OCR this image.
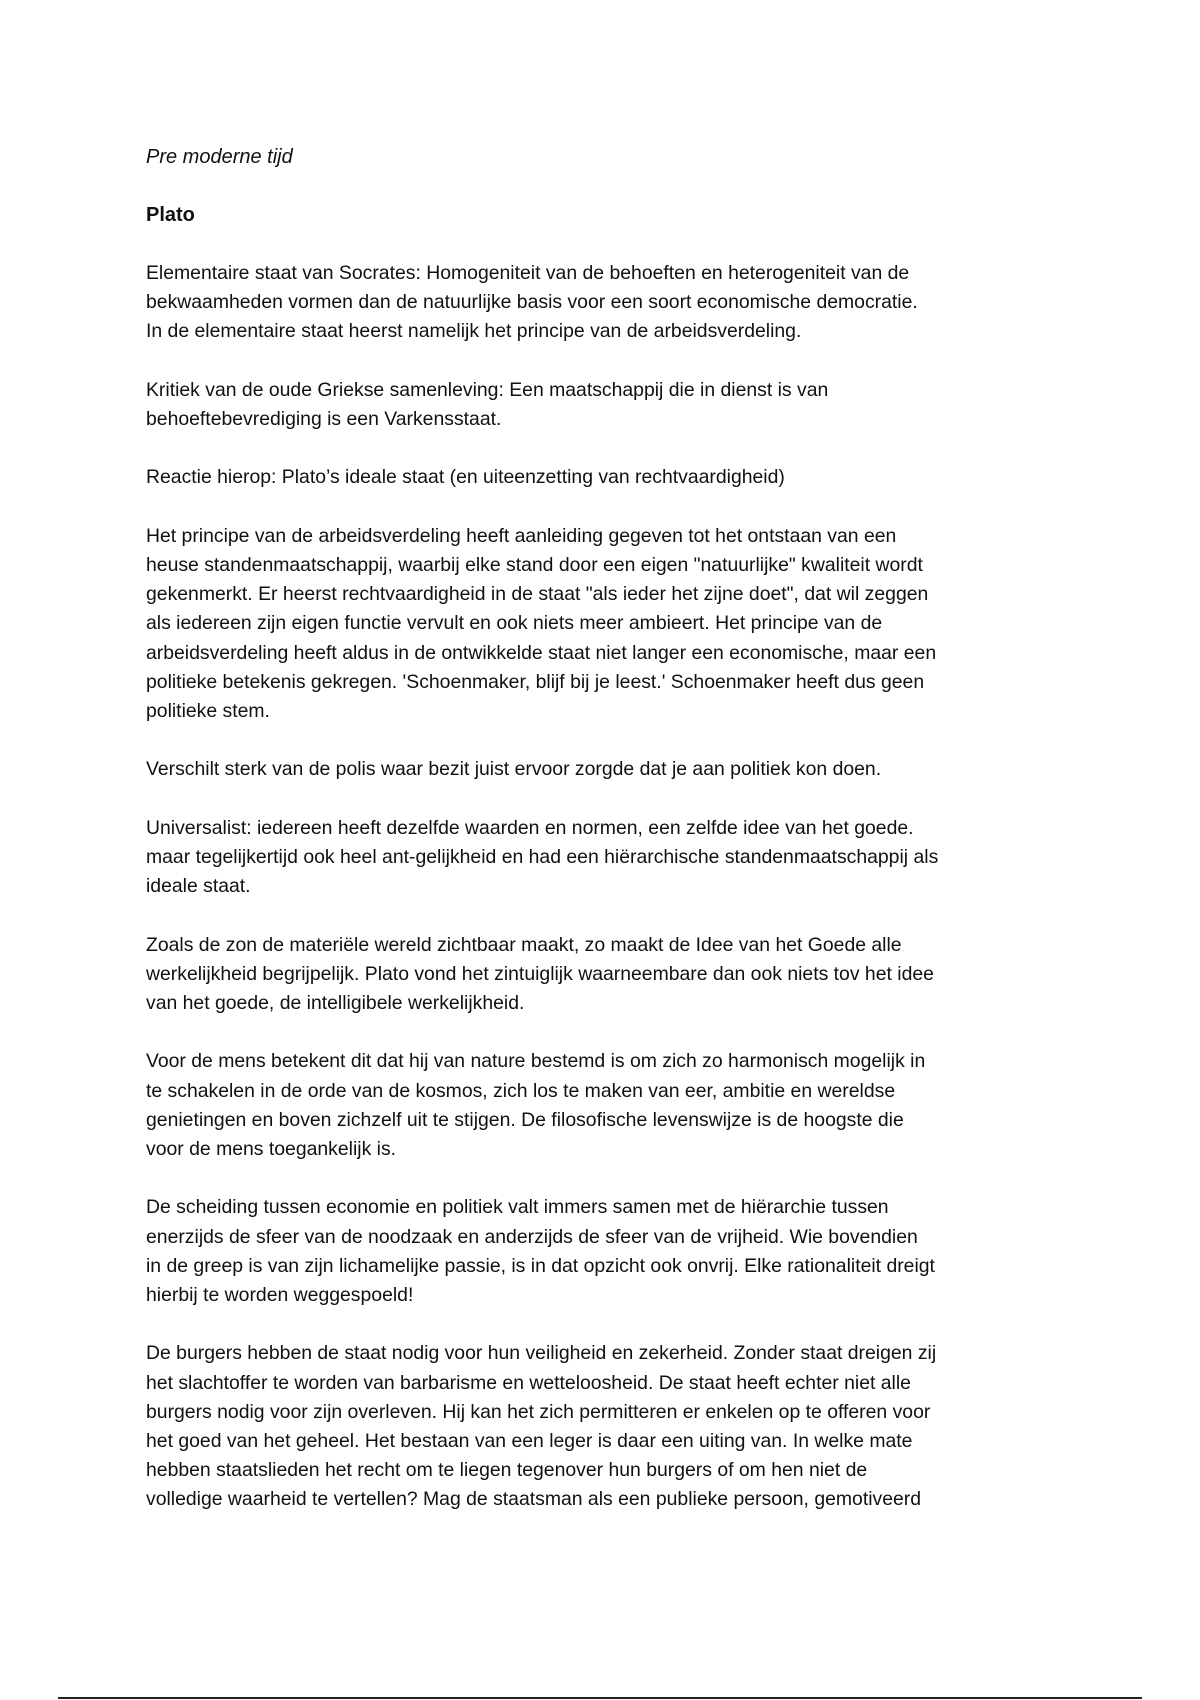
Pre moderne tijd
Plato
Elementaire staat van Socrates: Homogeniteit van de behoeften en heterogeniteit van de
bekwaamheden vormen dan de natuurlijke basis voor een soort economische democratie.
In de elementaire staat heerst namelijk het principe van de arbeidsverdeling.
Kritiek van de oude Griekse samenleving: Een maatschappij die in dienst is van
behoeftebevrediging is een Varkensstaat.
Reactie hierop: Plato’s ideale staat (en uiteenzetting van rechtvaardigheid)
Het principe van de arbeidsverdeling heeft aanleiding gegeven tot het ontstaan van een
heuse standenmaatschappij, waarbij elke stand door een eigen "natuurlijke" kwaliteit wordt
gekenmerkt. Er heerst rechtvaardigheid in de staat "als ieder het zijne doet", dat wil zeggen
als iedereen zijn eigen functie vervult en ook niets meer ambieert. Het principe van de
arbeidsverdeling heeft aldus in de ontwikkelde staat niet langer een economische, maar een
politieke betekenis gekregen. 'Schoenmaker, blijf bij je leest.' Schoenmaker heeft dus geen
politieke stem.
Verschilt sterk van de polis waar bezit juist ervoor zorgde dat je aan politiek kon doen.
Universalist: iedereen heeft dezelfde waarden en normen, een zelfde idee van het goede.
maar tegelijkertijd ook heel ant-gelijkheid en had een hiërarchische standenmaatschappij als
ideale staat.
Zoals de zon de materiële wereld zichtbaar maakt, zo maakt de Idee van het Goede alle
werkelijkheid begrijpelijk. Plato vond het zintuiglijk waarneembare dan ook niets tov het idee
van het goede, de intelligibele werkelijkheid.
Voor de mens betekent dit dat hij van nature bestemd is om zich zo harmonisch mogelijk in
te schakelen in de orde van de kosmos, zich los te maken van eer, ambitie en wereldse
genietingen en boven zichzelf uit te stijgen. De filosofische levenswijze is de hoogste die
voor de mens toegankelijk is.
De scheiding tussen economie en politiek valt immers samen met de hiërarchie tussen
enerzijds de sfeer van de noodzaak en anderzijds de sfeer van de vrijheid. Wie bovendien
in de greep is van zijn lichamelijke passie, is in dat opzicht ook onvrij. Elke rationaliteit dreigt
hierbij te worden weggespoeld!
De burgers hebben de staat nodig voor hun veiligheid en zekerheid. Zonder staat dreigen zij
het slachtoffer te worden van barbarisme en wetteloosheid. De staat heeft echter niet alle
burgers nodig voor zijn overleven. Hij kan het zich permitteren er enkelen op te offeren voor
het goed van het geheel. Het bestaan van een leger is daar een uiting van. In welke mate
hebben staatslieden het recht om te liegen tegenover hun burgers of om hen niet de
volledige waarheid te vertellen? Mag de staatsman als een publieke persoon, gemotiveerd
